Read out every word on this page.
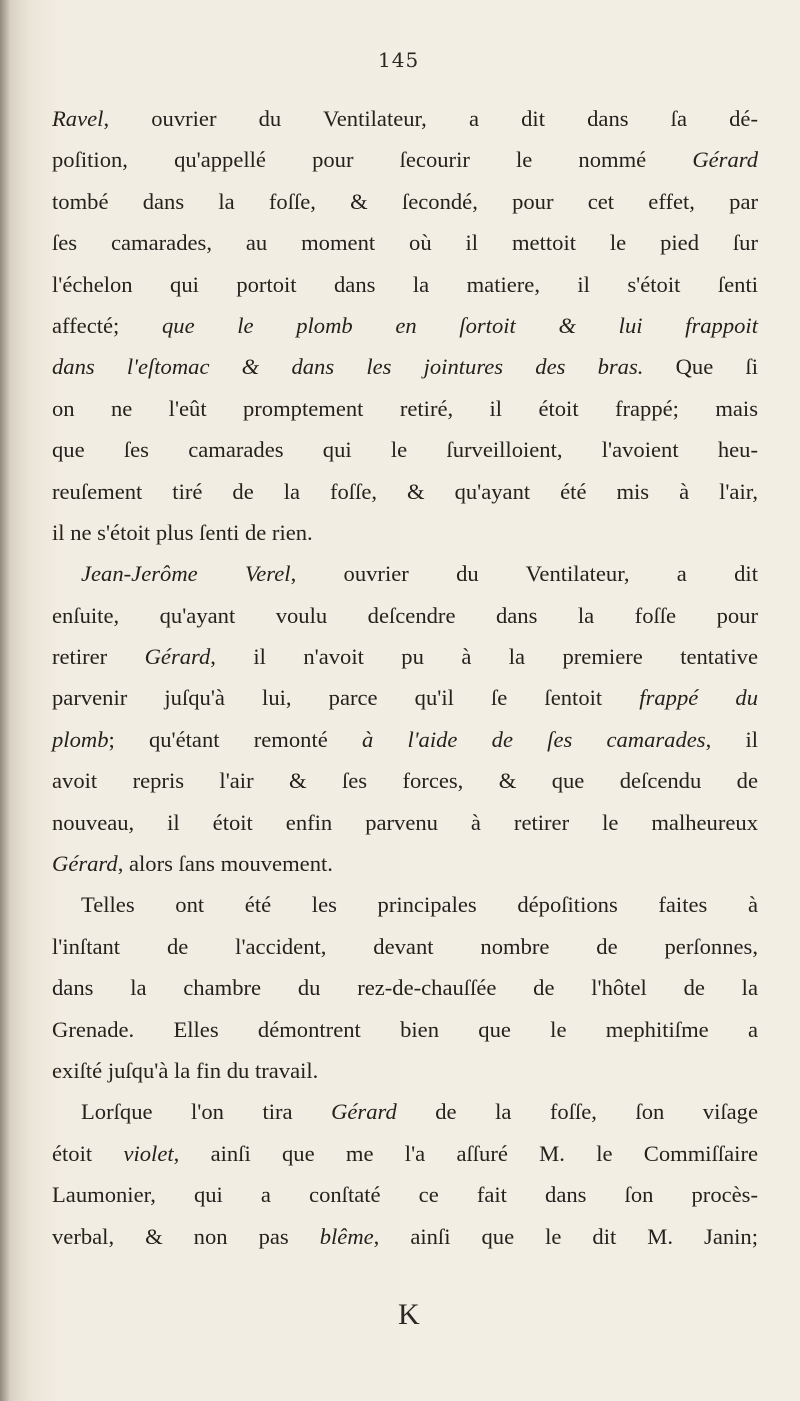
145
Ravel, ouvrier du Ventilateur, a dit dans ſa dé-
poſition, qu'appellé pour ſecourir le nommé Gérard
tombé dans la foſſe, & ſecondé, pour cet effet, par
ſes camarades, au moment où il mettoit le pied ſur
l'échelon qui portoit dans la matiere, il s'étoit ſenti
affecté; que le plomb en ſortoit & lui frappoit
dans l'eſtomac & dans les jointures des bras. Que ſi
on ne l'eût promptement retiré, il étoit frappé; mais
que ſes camarades qui le ſurveilloient, l'avoient heu-
reuſement tiré de la foſſe, & qu'ayant été mis à l'air,
il ne s'étoit plus ſenti de rien.
Jean-Jerôme Verel, ouvrier du Ventilateur, a dit
enſuite, qu'ayant voulu deſcendre dans la foſſe pour
retirer Gérard, il n'avoit pu à la premiere tentative
parvenir juſqu'à lui, parce qu'il ſe ſentoit frappé du
plomb; qu'étant remonté à l'aide de ſes camarades, il
avoit repris l'air & ſes forces, & que deſcendu de
nouveau, il étoit enfin parvenu à retirer le malheureux
Gérard, alors ſans mouvement.
Telles ont été les principales dépoſitions faites à
l'inſtant de l'accident, devant nombre de perſonnes,
dans la chambre du rez-de-chauſſée de l'hôtel de la
Grenade. Elles démontrent bien que le mephitiſme a
exiſté juſqu'à la fin du travail.
Lorſque l'on tira Gérard de la foſſe, ſon viſage
étoit violet, ainſi que me l'a aſſuré M. le Commiſſaire
Laumonier, qui a conſtaté ce fait dans ſon procès-
verbal, & non pas blême, ainſi que le dit M. Janin;
K
